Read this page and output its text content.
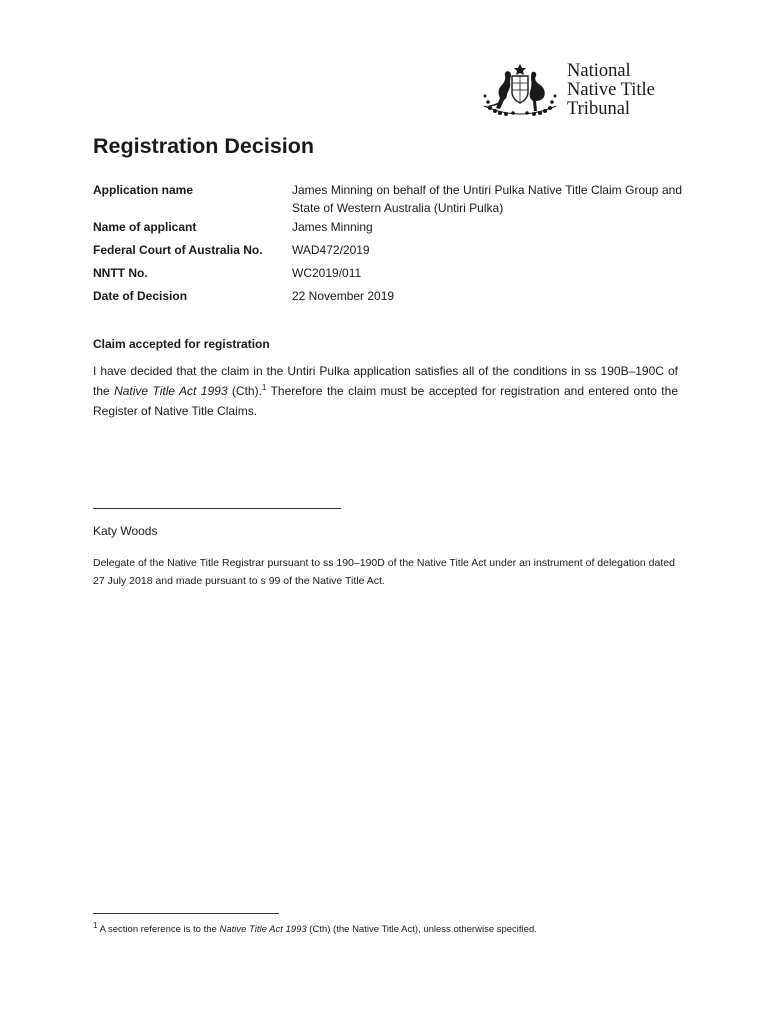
National
Native Title
Tribunal
Registration Decision
Application name	James Minning on behalf of the Untiri Pulka Native Title Claim Group and State of Western Australia (Untiri Pulka)
Name of applicant	James Minning
Federal Court of Australia No. WAD472/2019
NNTT No.	WC2019/011
Date of Decision	22 November 2019
Claim accepted for registration

I have decided that the claim in the Untiri Pulka application satisfies all of the conditions in ss 190B–190C of the Native Title Act 1993 (Cth).$^1$ Therefore the claim must be accepted for registration and entered onto the Register of Native Title Claims.

Katy Woods

Delegate of the Native Title Registrar pursuant to ss 190–190D of the Native Title Act under an instrument of delegation dated 27 July 2018 and made pursuant to s 99 of the Native Title Act.

$^1$ A section reference is to the Native Title Act 1993 (Cth) (the Native Title Act), unless otherwise specified.
